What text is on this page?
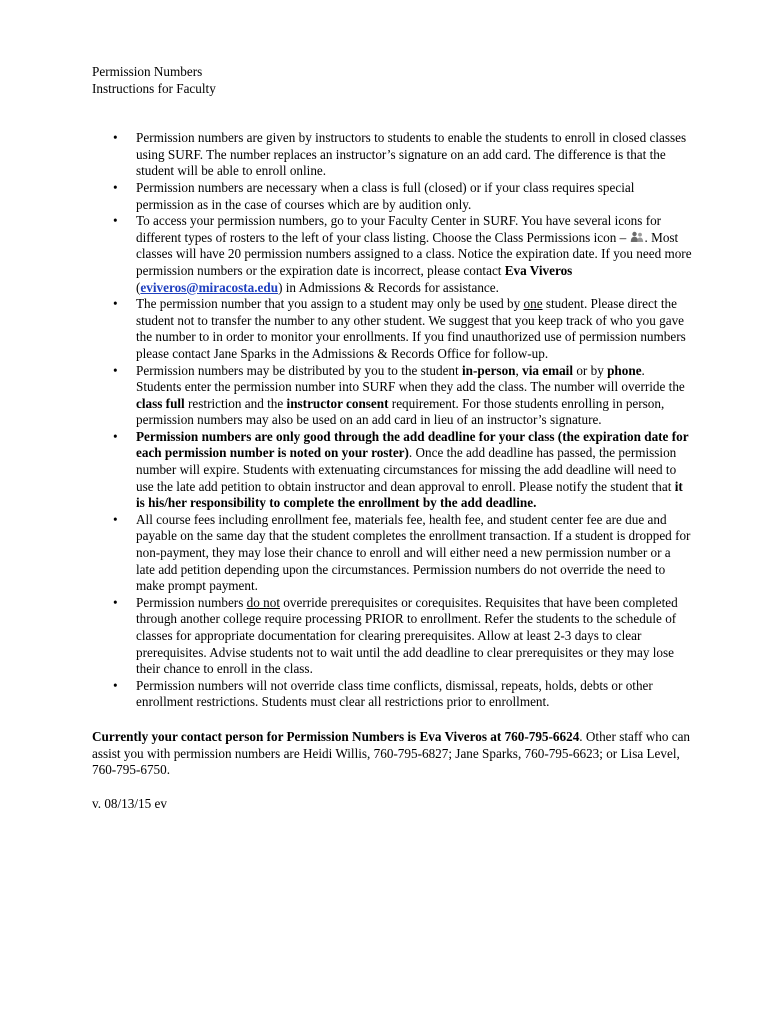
Permission Numbers
Instructions for Faculty
• Permission numbers are given by instructors to students to enable the students to enroll in closed classes using SURF. The number replaces an instructor’s signature on an add card. The difference is that the student will be able to enroll online.
• Permission numbers are necessary when a class is full (closed) or if your class requires special permission as in the case of courses which are by audition only.
• To access your permission numbers, go to your Faculty Center in SURF. You have several icons for different types of rosters to the left of your class listing. Choose the Class Permissions icon – . Most classes will have 20 permission numbers assigned to a class. Notice the expiration date. If you need more permission numbers or the expiration date is incorrect, please contact Eva Viveros (eviveros@miracosta.edu) in Admissions & Records for assistance.
• The permission number that you assign to a student may only be used by one student. Please direct the student not to transfer the number to any other student. We suggest that you keep track of who you gave the number to in order to monitor your enrollments. If you find unauthorized use of permission numbers please contact Jane Sparks in the Admissions & Records Office for follow-up.
• Permission numbers may be distributed by you to the student in-person, via email or by phone. Students enter the permission number into SURF when they add the class. The number will override the class full restriction and the instructor consent requirement. For those students enrolling in person, permission numbers may also be used on an add card in lieu of an instructor’s signature.
• Permission numbers are only good through the add deadline for your class (the expiration date for each permission number is noted on your roster). Once the add deadline has passed, the permission number will expire. Students with extenuating circumstances for missing the add deadline will need to use the late add petition to obtain instructor and dean approval to enroll. Please notify the student that it is his/her responsibility to complete the enrollment by the add deadline.
• All course fees including enrollment fee, materials fee, health fee, and student center fee are due and payable on the same day that the student completes the enrollment transaction. If a student is dropped for non-payment, they may lose their chance to enroll and will either need a new permission number or a late add petition depending upon the circumstances. Permission numbers do not override the need to make prompt payment.
• Permission numbers do not override prerequisites or corequisites. Requisites that have been completed through another college require processing PRIOR to enrollment. Refer the students to the schedule of classes for appropriate documentation for clearing prerequisites. Allow at least 2-3 days to clear prerequisites. Advise students not to wait until the add deadline to clear prerequisites or they may lose their chance to enroll in the class.
• Permission numbers will not override class time conflicts, dismissal, repeats, holds, debts or other enrollment restrictions. Students must clear all restrictions prior to enrollment.
Currently your contact person for Permission Numbers is Eva Viveros at 760-795-6624. Other staff who can assist you with permission numbers are Heidi Willis, 760-795-6827; Jane Sparks, 760-795-6623; or Lisa Level, 760-795-6750.
v. 08/13/15 ev
